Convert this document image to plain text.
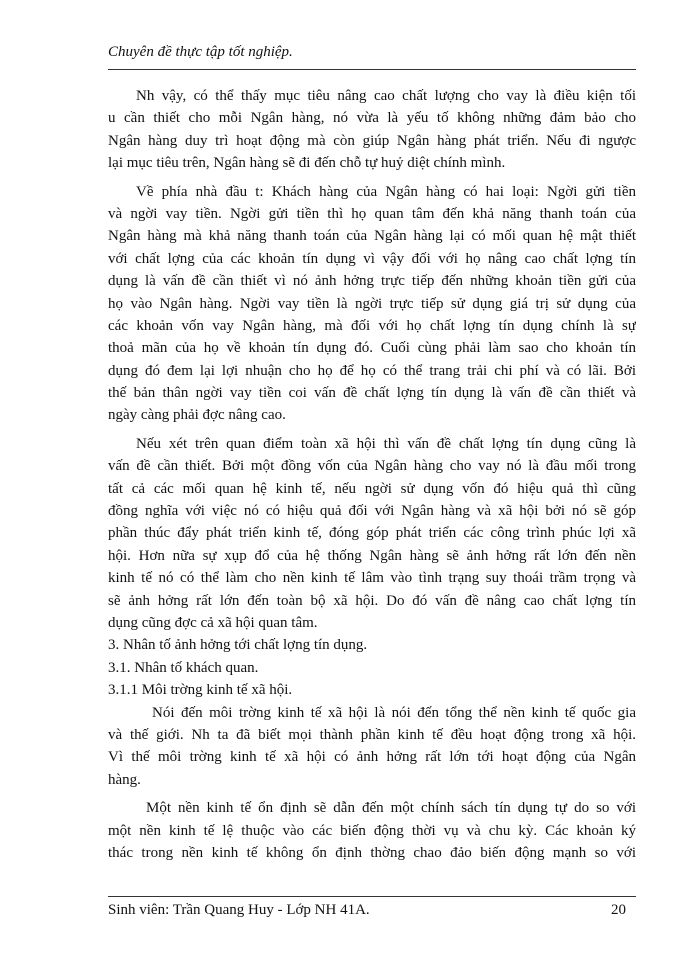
Chuyên đề thực tập tốt nghiệp.
Nh vậy, có thể thấy mục tiêu nâng cao chất lượng cho vay là điều kiện tối
u cần thiết cho mỗi Ngân hàng, nó vừa là yếu tố không những đảm bảo cho
Ngân hàng duy trì hoạt động mà còn giúp Ngân hàng phát triển. Nếu đi ngược
lại mục tiêu trên, Ngân hàng sẽ đi đến chỗ tự huỷ diệt chính mình.
Về phía nhà đầu t: Khách hàng của Ngân hàng có hai loại: Ngời gửi tiền
và ngời vay tiền. Ngời gửi tiền thì họ quan tâm đến khả năng thanh toán của
Ngân hàng mà khả năng thanh toán của Ngân hàng lại có mối quan hệ mật thiết
với chất lợng của các khoản tín dụng vì vậy đối với họ nâng cao chất lợng tín
dụng là vấn đề cần thiết vì nó ảnh hởng trực tiếp đến những khoản tiền gửi của
họ vào Ngân hàng. Ngời vay tiền là ngời trực tiếp sử dụng giá trị sử dụng của
các khoản vốn vay Ngân hàng, mà đối với họ chất lợng tín dụng chính là sự
thoả mãn của họ về khoản tín dụng đó. Cuối cùng phải làm sao cho khoản tín
dụng đó đem lại lợi nhuận cho họ để họ có thể trang trải chi phí và có lãi. Bởi
thế bản thân ngời vay tiền coi vấn đề chất lợng tín dụng là vấn đề cần thiết và
ngày càng phải đợc nâng cao.
Nếu xét trên quan điểm toàn xã hội thì vấn đề chất lợng tín dụng cũng là
vấn đề cần thiết. Bởi một đồng vốn của Ngân hàng cho vay nó là đầu mối trong
tất cả các mối quan hệ kinh tế, nếu ngời sử dụng vốn đó hiệu quả thì cũng
đồng nghĩa với việc nó có hiệu quả đối với Ngân hàng và xã hội bởi nó sẽ góp
phần thúc đẩy phát triển kinh tế, đóng góp phát triển các công trình phúc lợi xã
hội. Hơn nữa sự xụp đổ của hệ thống Ngân hàng sẽ ảnh hởng rất lớn đến nền
kinh tế nó có thể làm cho nền kinh tế lâm vào tình trạng suy thoái trầm trọng và
sẽ ảnh hởng rất lớn đến toàn bộ xã hội. Do đó vấn đề nâng cao chất lợng tín
dụng cũng đợc cả xã hội quan tâm.
3. Nhân tố ảnh hởng tới chất lợng tín dụng.
3.1. Nhân tố khách quan.
3.1.1 Môi trờng kinh tế xã hội.
Nói đến môi trờng kinh tế xã hội là nói đến tổng thể nền kinh tế quốc gia
và thế giới. Nh ta đã biết mọi thành phần kinh tế đều hoạt động trong xã hội.
Vì thế môi trờng kinh tế xã hội có ảnh hởng rất lớn tới hoạt động của Ngân
hàng.
Một nền kinh tế ổn định sẽ dẫn đến một chính sách tín dụng tự do so với
một nền kinh tế lệ thuộc vào các biến động thời vụ và chu kỳ. Các khoản ký
thác trong nền kinh tế không ổn định thờng chao đảo biến động mạnh so với
Sinh viên: Trần Quang Huy - Lớp NH 41A.	20
